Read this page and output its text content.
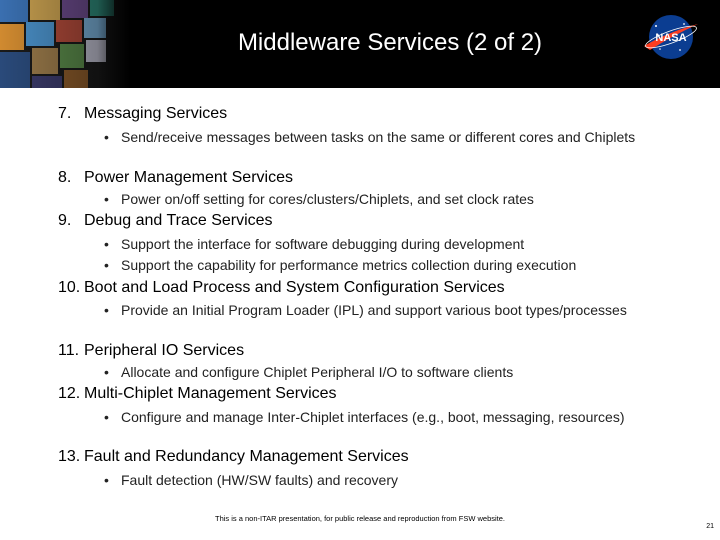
Middleware Services (2 of 2)	NASA
7. Messaging Services
• Send/receive messages between tasks on the same or different cores and Chiplets
8. Power Management Services
• Power on/off setting for cores/clusters/Chiplets, and set clock rates
9. Debug and Trace Services
• Support the interface for software debugging during development
• Support the capability for performance metrics collection during execution
10. Boot and Load Process and System Configuration Services
• Provide an Initial Program Loader (IPL) and support various boot types/processes
11. Peripheral IO Services
• Allocate and configure Chiplet Peripheral I/O to software clients
12. Multi-Chiplet Management Services
• Configure and manage Inter-Chiplet interfaces (e.g., boot, messaging, resources)
13. Fault and Redundancy Management Services
• Fault detection (HW/SW faults) and recovery
This is a non-ITAR presentation, for public release and reproduction from FSW website.
21
